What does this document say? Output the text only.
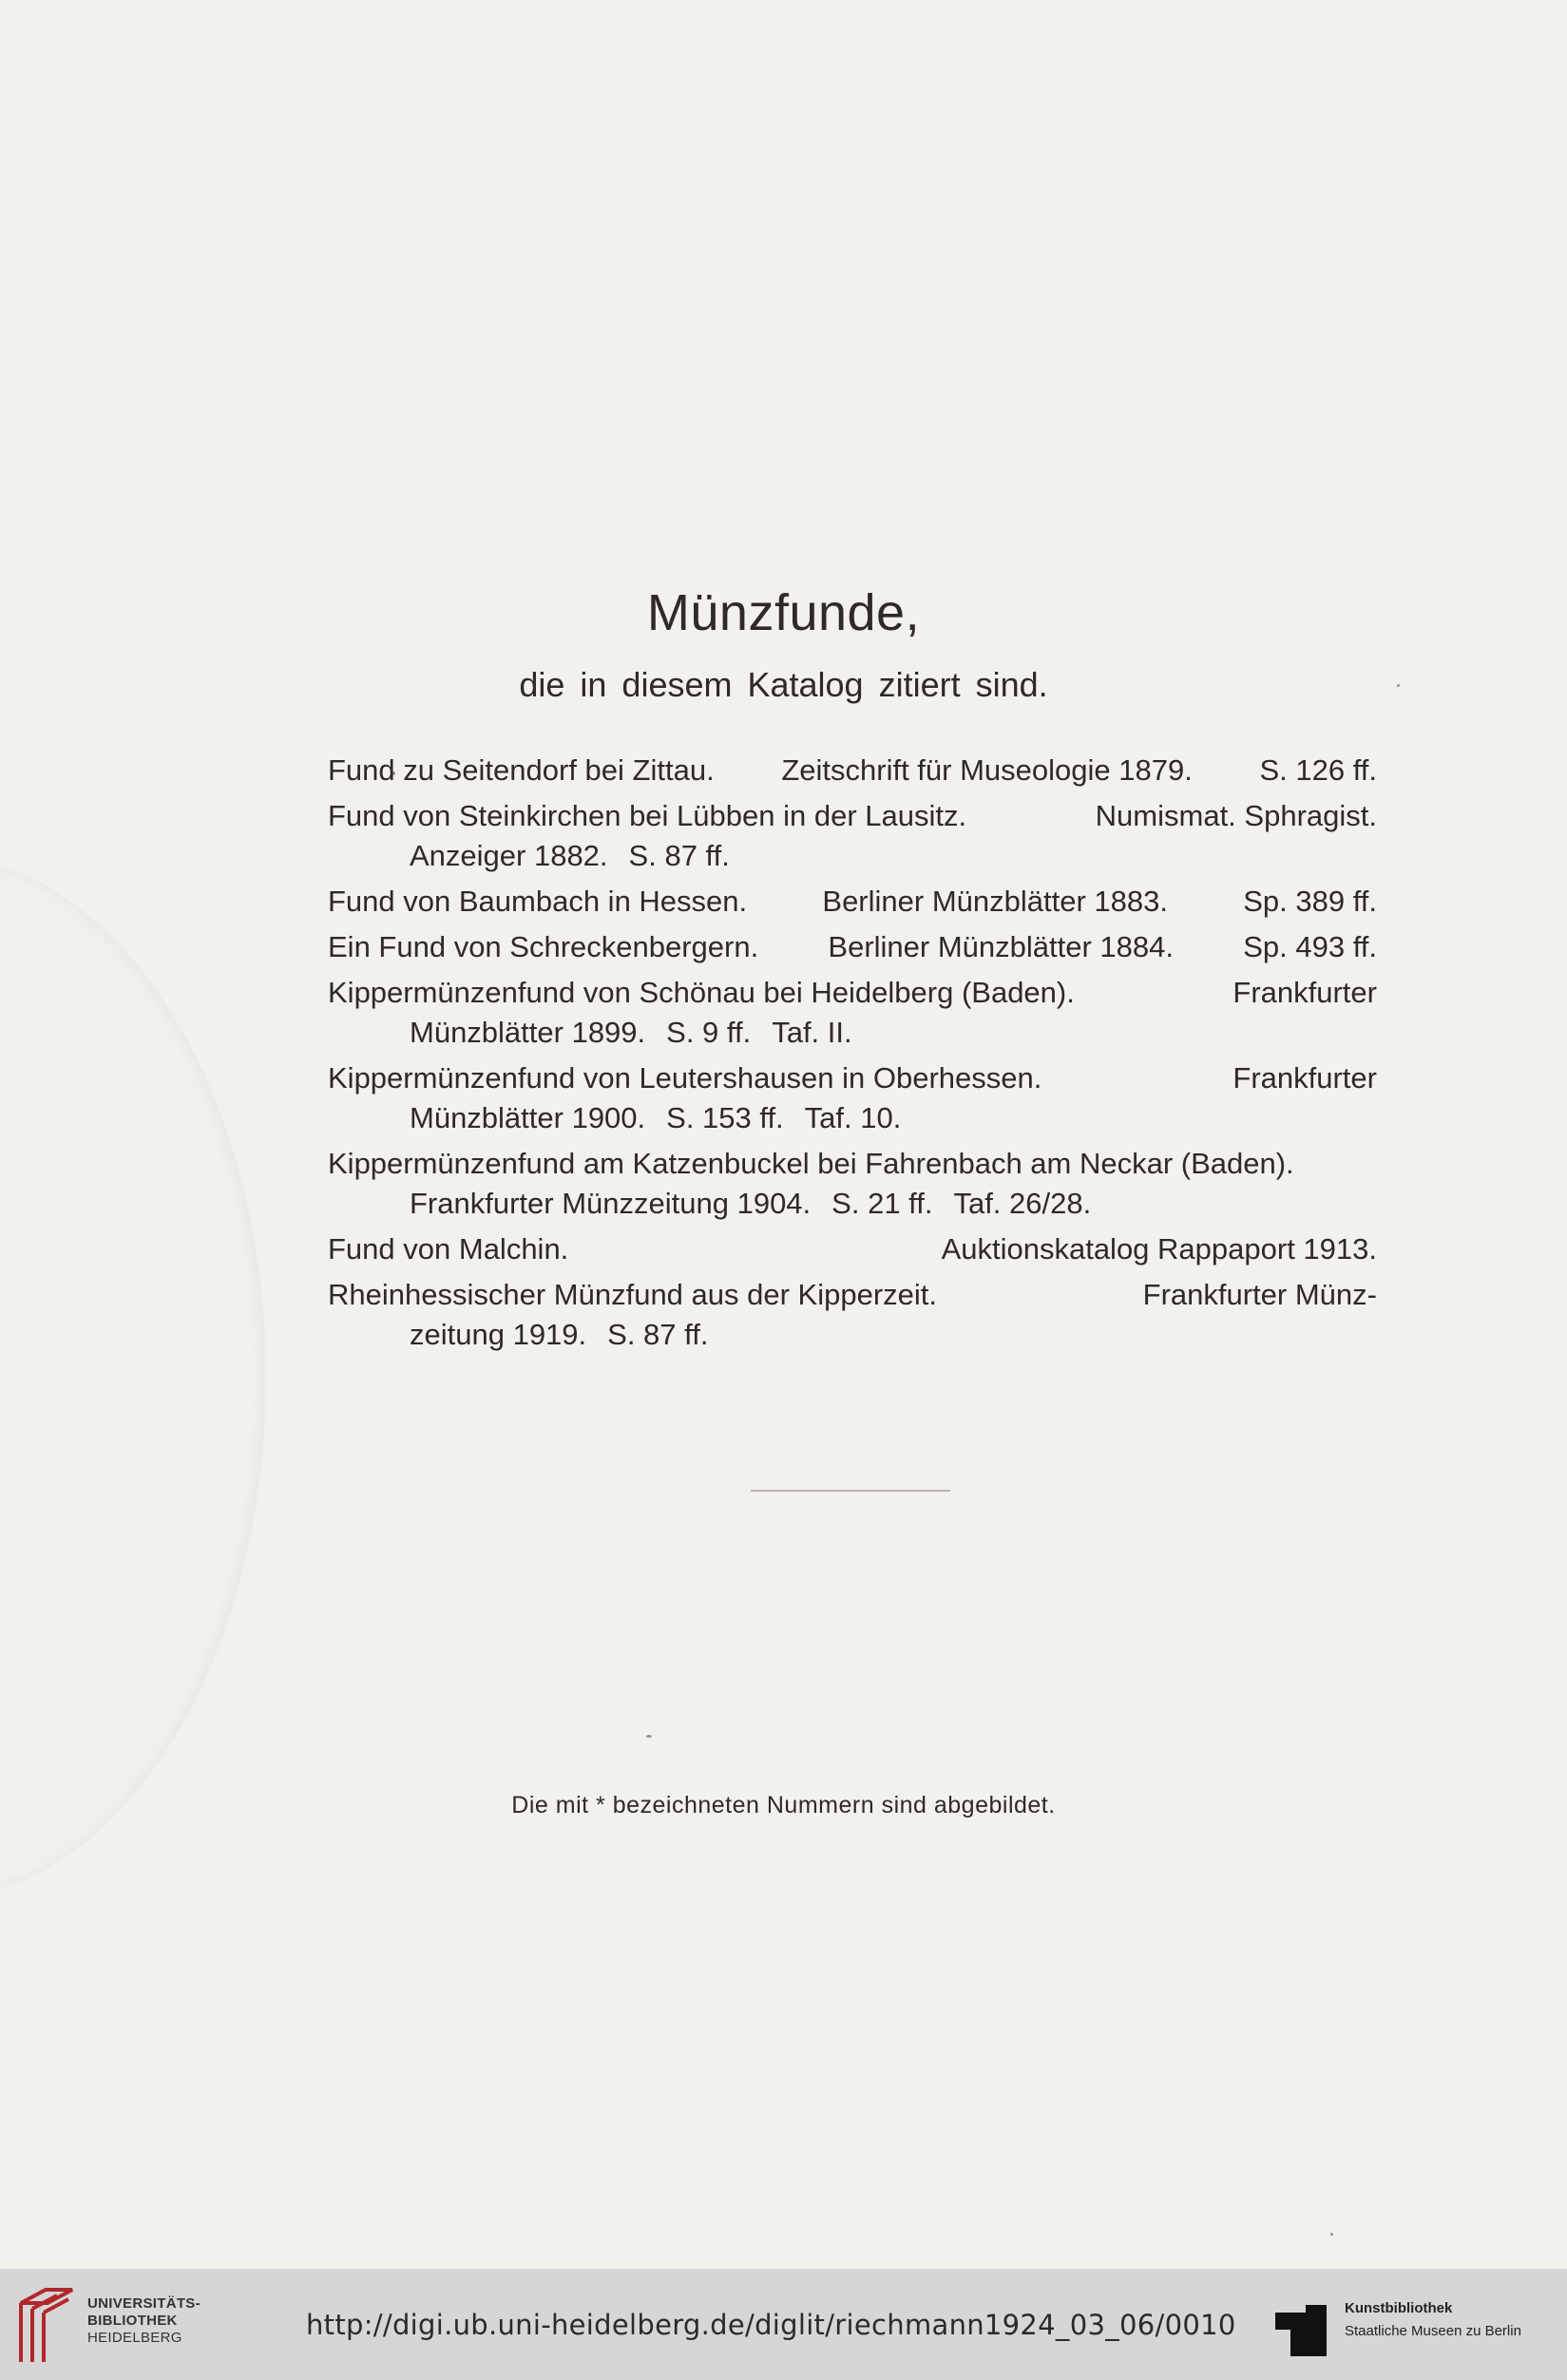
Münzfunde,
die in diesem Katalog zitiert sind.
Fund zu Seitendorf bei Zittau. Zeitschrift für Museologie 1879. S. 126 ff.
Fund von Steinkirchen bei Lübben in der Lausitz.	Numismat. Sphragist.
Anzeiger 1882. S. 87 ff.
Fund von Baumbach in Hessen.	Berliner Münzblätter 1883.	Sp. 389 ff.
Ein Fund von Schreckenbergern. Berliner Münzblätter 1884. Sp. 493 ff.
Kippermünzenfund von Schönau bei Heidelberg (Baden).	Frankfurter
Münzblätter 1899. S. 9 ff. Taf. II.
Kippermünzenfund von Leutershausen in Oberhessen.	Frankfurter
Münzblätter 1900. S. 153 ff. Taf. 10.
Kippermünzenfund am Katzenbuckel bei Fahrenbach am Neckar (Baden).
Frankfurter Münzzeitung 1904. S. 21 ff. Taf. 26/28.
Fund von Malchin.	Auktionskatalog Rappaport 1913.
Rheinhessischer Münzfund aus der Kipperzeit.	Frankfurter Münz-
zeitung 1919. S. 87 ff.
Die mit * bezeichneten Nummern sind abgebildet.
UNIVERSITÄTS-
BIBLIOTHEK
HEIDELBERG	http://digi.ub.uni-heidelberg.de/diglit/riechmann1924_03_06/0010
Kunstbibliothek
Staatliche Museen zu Berlin
